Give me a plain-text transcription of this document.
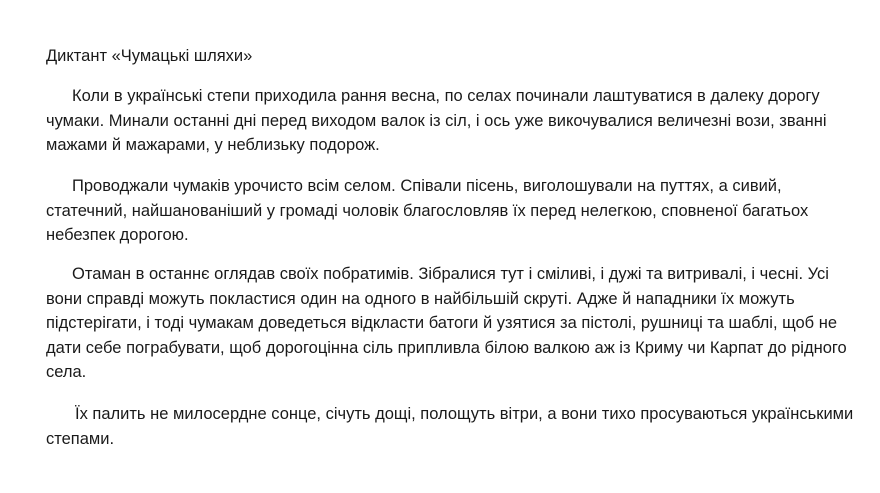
Диктант «Чумацькі шляхи»

Коли в українські степи приходила рання весна, по селах починали лаштуватися в далеку дорогу чумаки. Минали останні дні перед виходом валок із сіл, і ось уже викочувалися величезні вози, званні мажами й мажарами, у неблизьку подорож.

Проводжали чумаків урочисто всім селом. Співали пісень, виголошували на путтях, а сивий, статечний, найшанованіший у громаді чоловік благословляв їх перед нелегкою, сповненої багатьох небезпек дорогою.

Отаман в останнє оглядав своїх побратимів. Зібралися тут і сміливі, і дужі та витривалі, і чесні. Усі вони справді можуть покластися один на одного в найбільшій скруті. Адже й нападники їх можуть підстерігати, і тоді чумакам доведеться відкласти батоги й узятися за пістолі, рушниці та шаблі, щоб не дати себе пограбувати, щоб дорогоцінна сіль припливла білою валкою аж із Криму чи Карпат до рідного села.

Їх палить не милосердне сонце, січуть дощі, полощуть вітри, а вони тихо просуваються українськими степами.
